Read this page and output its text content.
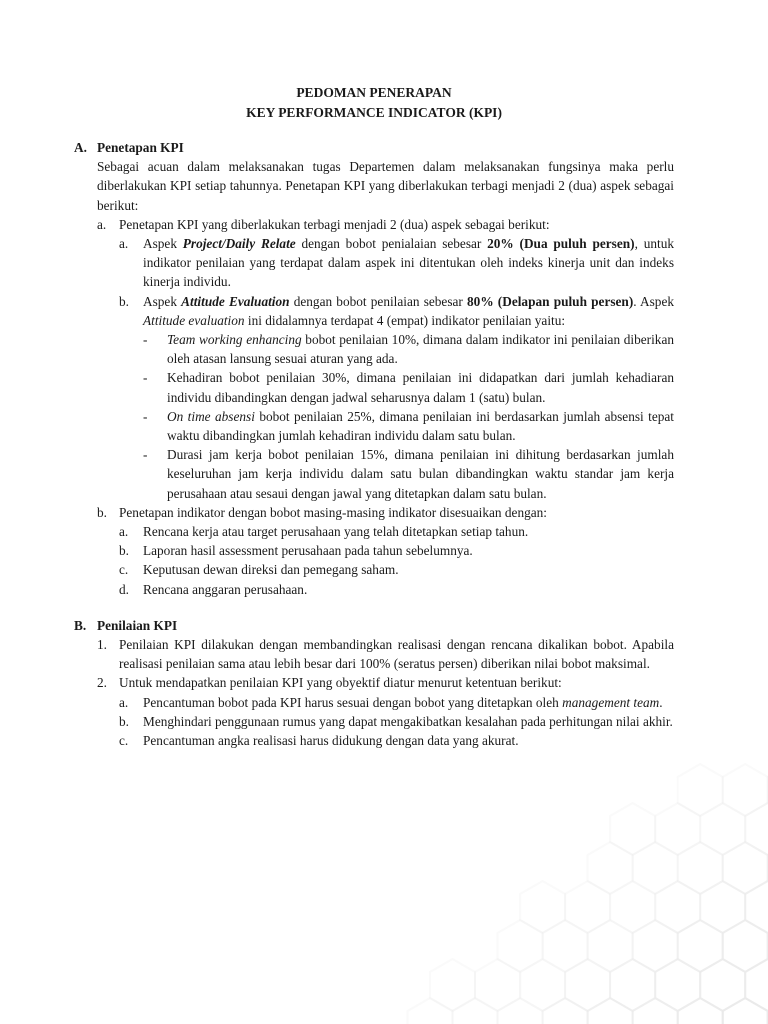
PEDOMAN PENERAPAN
KEY PERFORMANCE INDICATOR (KPI)
A. Penetapan KPI
Sebagai acuan dalam melaksanakan tugas Departemen dalam melaksanakan fungsinya maka perlu diberlakukan KPI setiap tahunnya. Penetapan KPI yang diberlakukan terbagi menjadi 2 (dua) aspek sebagai berikut:
a. Penetapan KPI yang diberlakukan terbagi menjadi 2 (dua) aspek sebagai berikut:
a.	Aspek Project/Daily Relate dengan bobot penialaian sebesar 20% (Dua puluh persen), untuk indikator penilaian yang terdapat dalam aspek ini ditentukan oleh indeks kinerja unit dan indeks kinerja individu.
b.	Aspek Attitude Evaluation dengan bobot penilaian sebesar 80% (Delapan puluh persen). Aspek Attitude evaluation ini didalamnya terdapat 4 (empat) indikator penilaian yaitu:
-	Team working enhancing bobot penilaian 10%, dimana dalam indikator ini penilaian diberikan oleh atasan lansung sesuai aturan yang ada.
-	Kehadiran bobot penilaian 30%, dimana penilaian ini didapatkan dari jumlah kehadiaran individu dibandingkan dengan jadwal seharusnya dalam 1 (satu) bulan.
-	On time absensi bobot penilaian 25%, dimana penilaian ini berdasarkan jumlah absensi tepat waktu dibandingkan jumlah kehadiran individu dalam satu bulan.
-	Durasi jam kerja bobot penilaian 15%, dimana penilaian ini dihitung berdasarkan jumlah keseluruhan jam kerja individu dalam satu bulan dibandingkan waktu standar jam kerja perusahaan atau sesaui dengan jawal yang ditetapkan dalam satu bulan.
b. Penetapan indikator dengan bobot masing-masing indikator disesuaikan dengan:
a.	Rencana kerja atau target perusahaan yang telah ditetapkan setiap tahun.
b.	Laporan hasil assessment perusahaan pada tahun sebelumnya.
c.	Keputusan dewan direksi dan pemegang saham.
d.	Rencana anggaran perusahaan.
B. Penilaian KPI
1. Penilaian KPI dilakukan dengan membandingkan realisasi dengan rencana dikalikan bobot. Apabila realisasi penilaian sama atau lebih besar dari 100% (seratus persen) diberikan nilai bobot maksimal.
2. Untuk mendapatkan penilaian KPI yang obyektif diatur menurut ketentuan berikut:
a.	Pencantuman bobot pada KPI harus sesuai dengan bobot yang ditetapkan oleh management team.
b.	Menghindari penggunaan rumus yang dapat mengakibatkan kesalahan pada perhitungan nilai akhir.
c.	Pencantuman angka realisasi harus didukung dengan data yang akurat.
